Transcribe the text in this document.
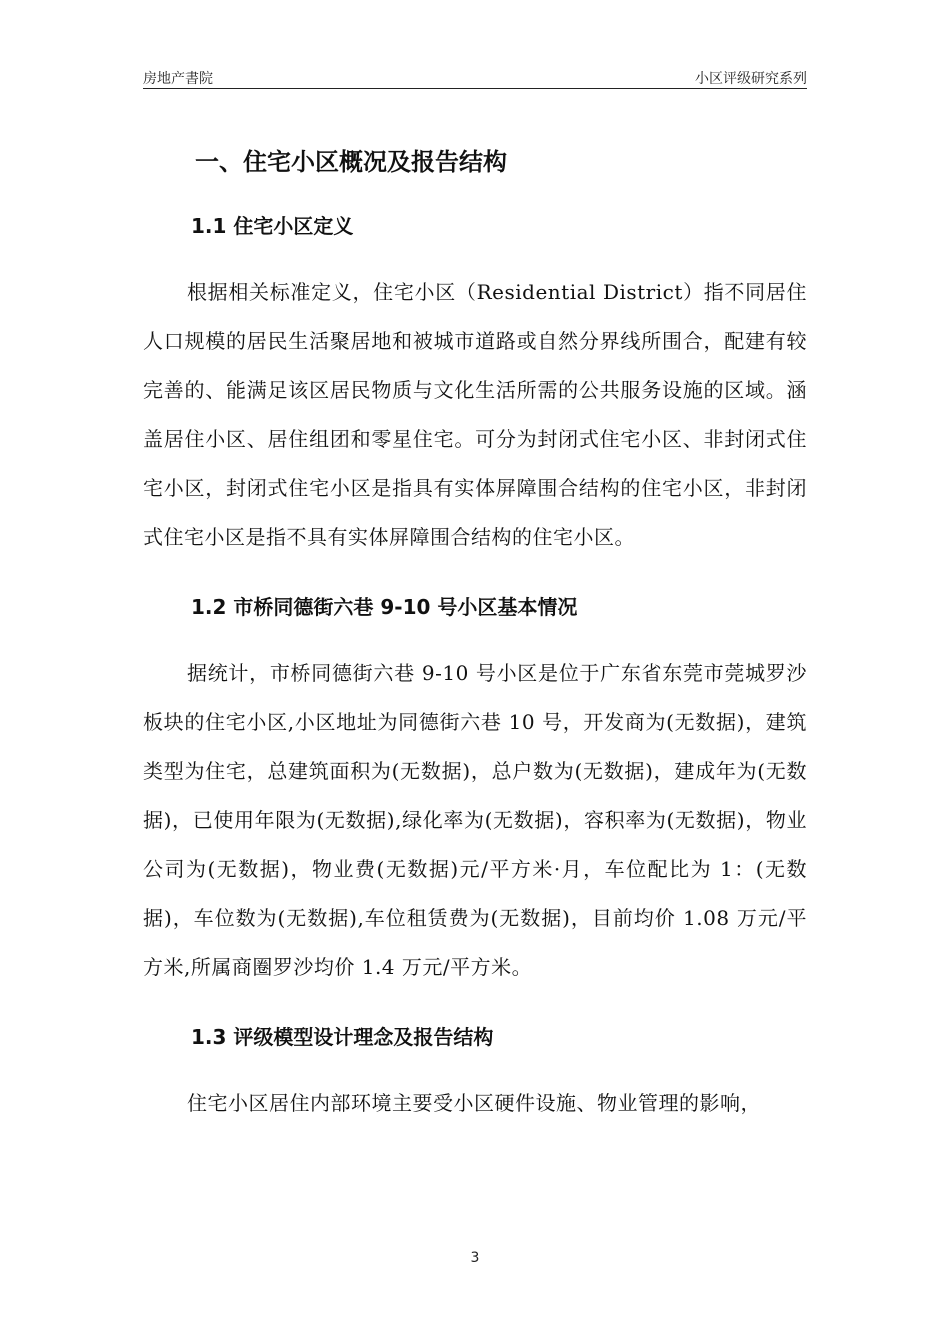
房地产書院	小区评级研究系列
一、住宅小区概况及报告结构
1.1 住宅小区定义

根据相关标准定义，住宅小区（Residential District）指不同居住人口规模的居民生活聚居地和被城市道路或自然分界线所围合，配建有较完善的、能满足该区居民物质与文化生活所需的公共服务设施的区域。涵盖居住小区、居住组团和零星住宅。可分为封闭式住宅小区、非封闭式住宅小区，封闭式住宅小区是指具有实体屏障围合结构的住宅小区，非封闭式住宅小区是指不具有实体屏障围合结构的住宅小区。

1.2 市桥同德街六巷 9-10 号小区基本情况

据统计，市桥同德街六巷 9-10 号小区是位于广东省东莞市莞城罗沙板块的住宅小区,小区地址为同德街六巷 10 号，开发商为(无数据)，建筑类型为住宅，总建筑面积为(无数据)，总户数为(无数据)，建成年为(无数据)，已使用年限为(无数据),绿化率为(无数据)，容积率为(无数据)，物业公司为(无数据)，物业费(无数据)元/平方米·月，车位配比为 1：(无数据)，车位数为(无数据),车位租赁费为(无数据)，目前均价 1.08 万元/平方米,所属商圈罗沙均价 1.4 万元/平方米。

1.3 评级模型设计理念及报告结构

住宅小区居住内部环境主要受小区硬件设施、物业管理的影响，

3
